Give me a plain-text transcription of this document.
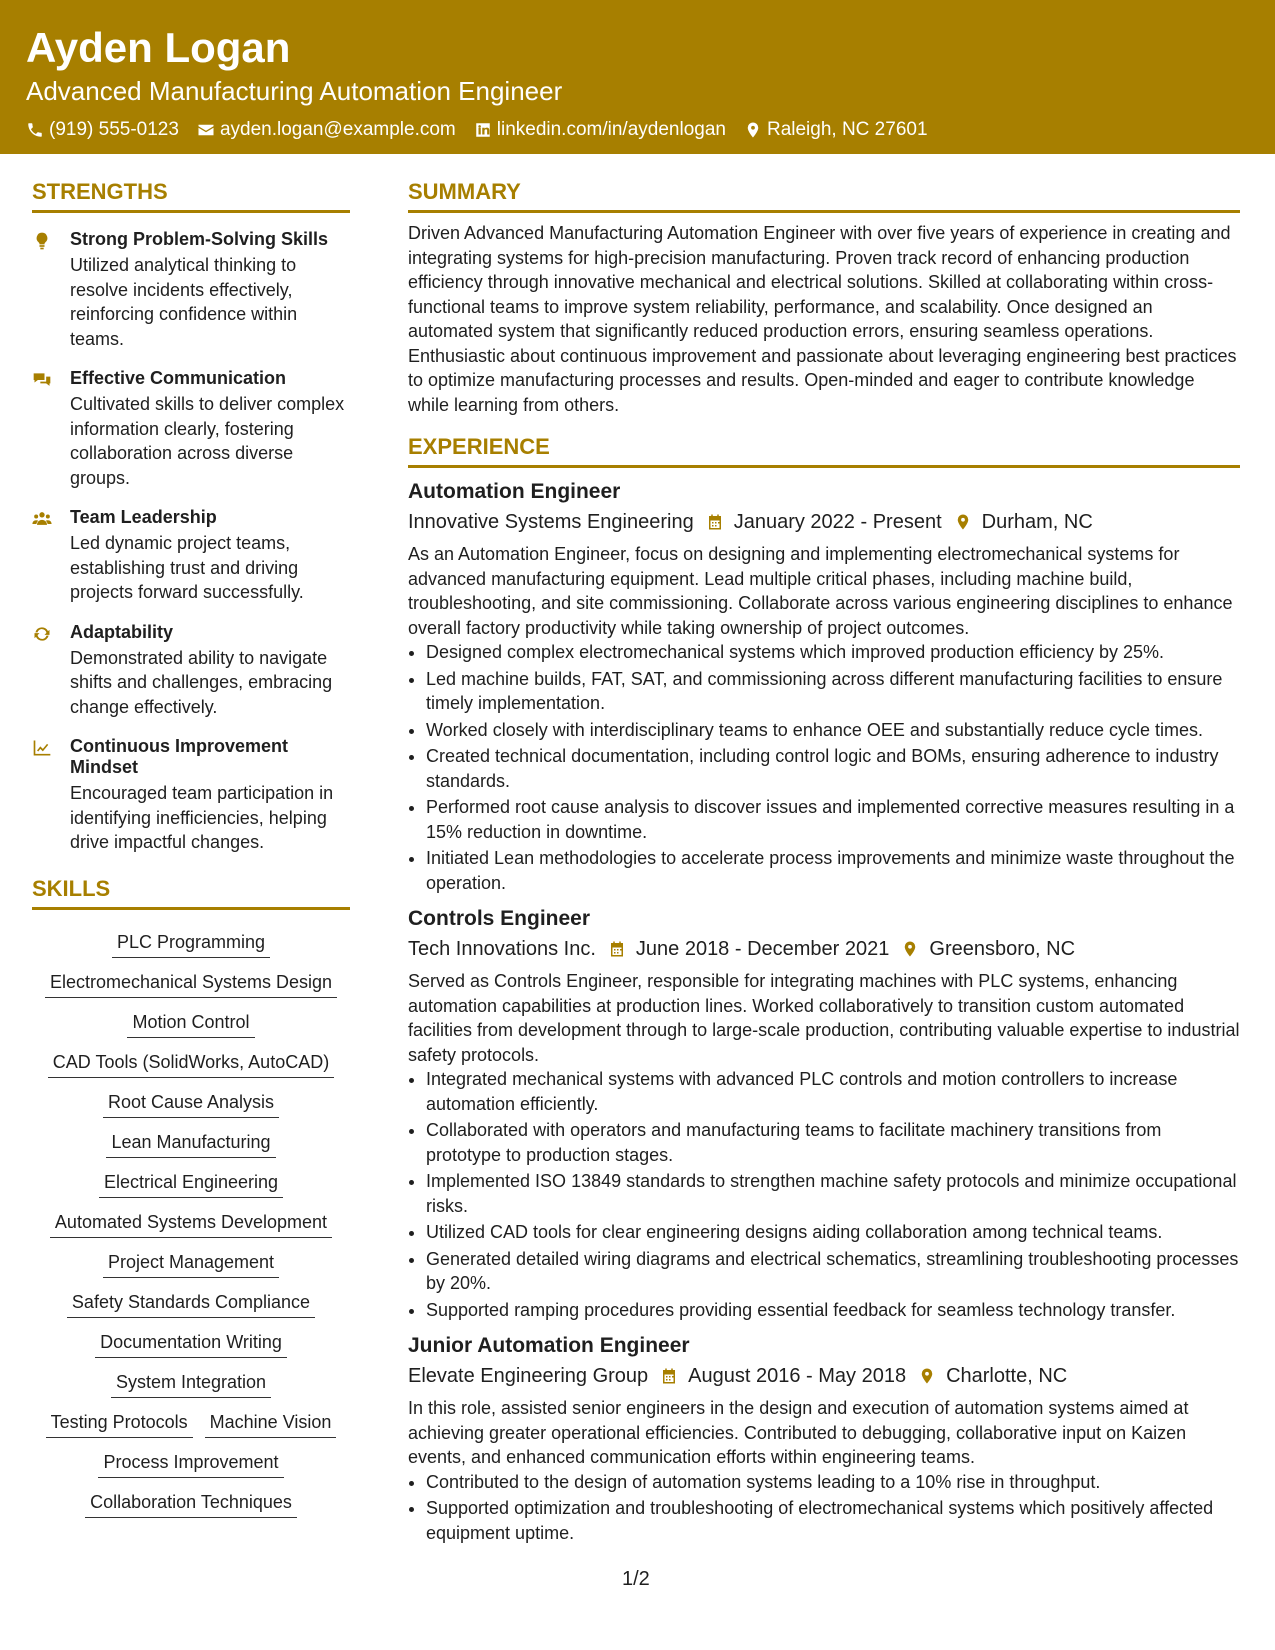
Ayden Logan
Advanced Manufacturing Automation Engineer
(919) 555-0123 ayden.logan@example.com linkedin.com/in/aydenlogan Raleigh, NC 27601
STRENGTHS
Strong Problem-Solving Skills
Utilized analytical thinking to resolve incidents effectively, reinforcing confidence within teams.
Effective Communication
Cultivated skills to deliver complex information clearly, fostering collaboration across diverse groups.
Team Leadership
Led dynamic project teams, establishing trust and driving projects forward successfully.
Adaptability
Demonstrated ability to navigate shifts and challenges, embracing change effectively.
Continuous Improvement Mindset
Encouraged team participation in identifying inefficiencies, helping drive impactful changes.
SKILLS
PLC Programming
Electromechanical Systems Design
Motion Control
CAD Tools (SolidWorks, AutoCAD)
Root Cause Analysis
Lean Manufacturing
Electrical Engineering
Automated Systems Development
Project Management
Safety Standards Compliance
Documentation Writing
System Integration
Testing Protocols Machine Vision
Process Improvement
Collaboration Techniques
SUMMARY
Driven Advanced Manufacturing Automation Engineer with over five years of experience in creating and integrating systems for high-precision manufacturing. Proven track record of enhancing production efficiency through innovative mechanical and electrical solutions. Skilled at collaborating within cross-functional teams to improve system reliability, performance, and scalability. Once designed an automated system that significantly reduced production errors, ensuring seamless operations. Enthusiastic about continuous improvement and passionate about leveraging engineering best practices to optimize manufacturing processes and results. Open-minded and eager to contribute knowledge while learning from others.
EXPERIENCE
Automation Engineer
Innovative Systems Engineering January 2022 - Present Durham, NC
As an Automation Engineer, focus on designing and implementing electromechanical systems for advanced manufacturing equipment. Lead multiple critical phases, including machine build, troubleshooting, and site commissioning. Collaborate across various engineering disciplines to enhance overall factory productivity while taking ownership of project outcomes.
• Designed complex electromechanical systems which improved production efficiency by 25%.
• Led machine builds, FAT, SAT, and commissioning across different manufacturing facilities to ensure timely implementation.
• Worked closely with interdisciplinary teams to enhance OEE and substantially reduce cycle times.
• Created technical documentation, including control logic and BOMs, ensuring adherence to industry standards.
• Performed root cause analysis to discover issues and implemented corrective measures resulting in a 15% reduction in downtime.
• Initiated Lean methodologies to accelerate process improvements and minimize waste throughout the operation.
Controls Engineer
Tech Innovations Inc. June 2018 - December 2021 Greensboro, NC
Served as Controls Engineer, responsible for integrating machines with PLC systems, enhancing automation capabilities at production lines. Worked collaboratively to transition custom automated facilities from development through to large-scale production, contributing valuable expertise to industrial safety protocols.
• Integrated mechanical systems with advanced PLC controls and motion controllers to increase automation efficiently.
• Collaborated with operators and manufacturing teams to facilitate machinery transitions from prototype to production stages.
• Implemented ISO 13849 standards to strengthen machine safety protocols and minimize occupational risks.
• Utilized CAD tools for clear engineering designs aiding collaboration among technical teams.
• Generated detailed wiring diagrams and electrical schematics, streamlining troubleshooting processes by 20%.
• Supported ramping procedures providing essential feedback for seamless technology transfer.
Junior Automation Engineer
Elevate Engineering Group August 2016 - May 2018 Charlotte, NC
In this role, assisted senior engineers in the design and execution of automation systems aimed at achieving greater operational efficiencies. Contributed to debugging, collaborative input on Kaizen events, and enhanced communication efforts within engineering teams.
• Contributed to the design of automation systems leading to a 10% rise in throughput.
• Supported optimization and troubleshooting of electromechanical systems which positively affected equipment uptime.
1/2
